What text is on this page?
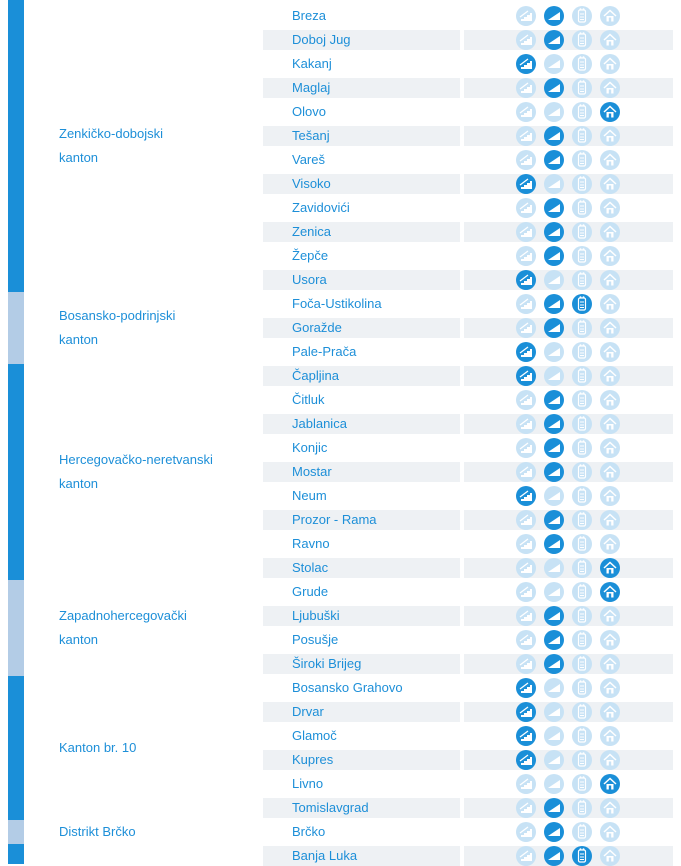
Zenkičko-dobojski
kanton
Breza
Doboj Jug
Kakanj
Maglaj
Olovo
Tešanj
Vareš
Visoko
Zavidovići
Zenica
Žepče
Usora
Bosansko-podrinjski
kanton
Foča-Ustikolina
Goražde
Pale-Prača
Hercegovačko-neretvanski
kanton
Čapljina
Čitluk
Jablanica
Konjic
Mostar
Neum
Prozor - Rama
Ravno
Stolac
Zapadnohercegovački
kanton
Grude
Ljubuški
Posušje
Široki Brijeg
Kanton br. 10
Bosansko Grahovo
Drvar
Glamoč
Kupres
Livno
Tomislavgrad
Distrikt Brčko	Brčko
Banja Luka
